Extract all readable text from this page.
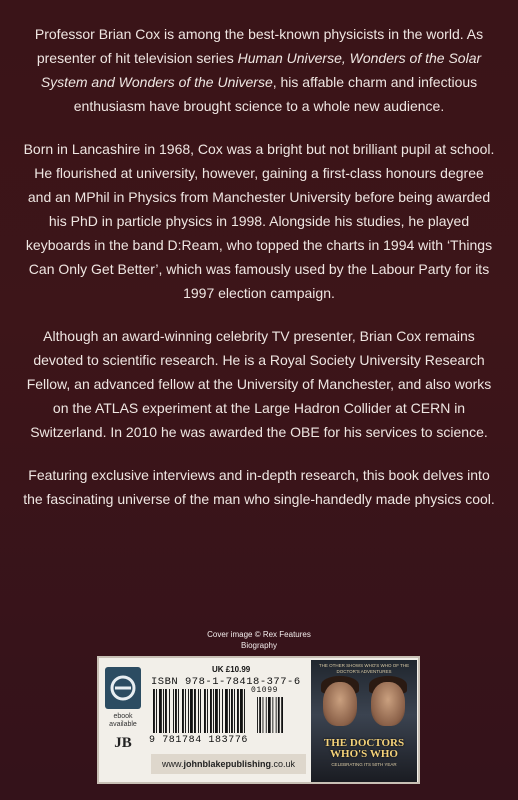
Professor Brian Cox is among the best-known physicists in the world. As presenter of hit television series Human Universe, Wonders of the Solar System and Wonders of the Universe, his affable charm and infectious enthusiasm have brought science to a whole new audience.

Born in Lancashire in 1968, Cox was a bright but not brilliant pupil at school. He flourished at university, however, gaining a first-class honours degree and an MPhil in Physics from Manchester University before being awarded his PhD in particle physics in 1998. Alongside his studies, he played keyboards in the band D:Ream, who topped the charts in 1994 with ‘Things Can Only Get Better’, which was famously used by the Labour Party for its 1997 election campaign.

Although an award-winning celebrity TV presenter, Brian Cox remains devoted to scientific research. He is a Royal Society University Research Fellow, an advanced fellow at the University of Manchester, and also works on the ATLAS experiment at the Large Hadron Collider at CERN in Switzerland. In 2010 he was awarded the OBE for his services to science.

Featuring exclusive interviews and in-depth research, this book delves into the fascinating universe of the man who single-handedly made physics cool.

Cover image © Rex Features
Biography
ebook
available
JB
UK £10.99
ISBN 978-1-78418-377-6
01099
9 781784 183776
www.johnblakepublishing.co.uk
THE OTHER SHOWS WHO'S WHO OF THE DOCTOR'S ADVENTURES
THE DOCTORS
WHO'S WHO
CELEBRATING ITS 50TH YEAR
